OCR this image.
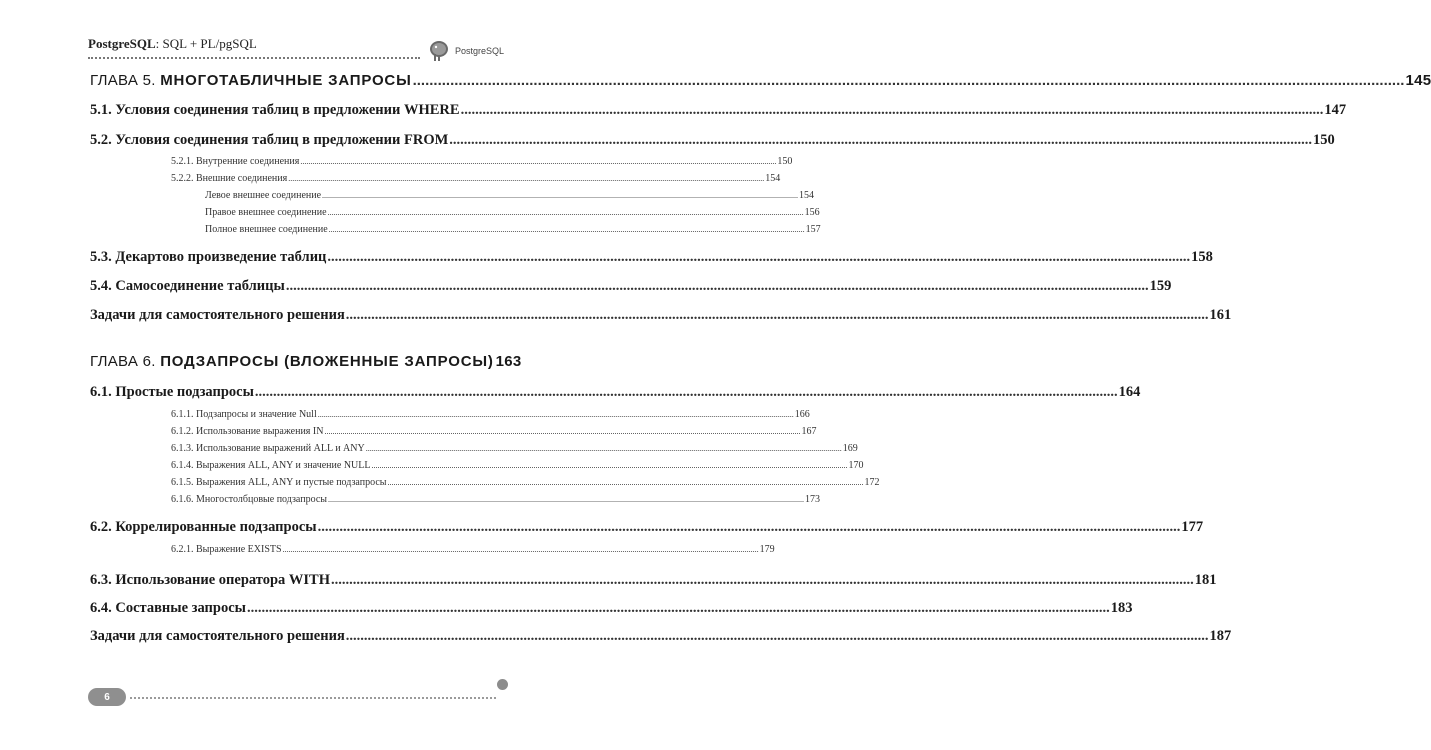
PostgreSQL: SQL + PL/pgSQL	PostgreSQL
ГЛАВА 5. МНОГОТАБЛИЧНЫЕ ЗАПРОСЫ .....	145
5.1. Условия соединения таблиц в предложении WHERE .....	147
5.2. Условия соединения таблиц в предложении FROM .....	150
5.2.1. Внутренние соединения .....	150
5.2.2. Внешние соединения .....	154
Левое внешнее соединение .....	154
Правое внешнее соединение .....	156
Полное внешнее соединение .....	157
5.3. Декартово произведение таблиц .....	158
5.4. Самосоединение таблицы .....	159
Задачи для самостоятельного решения .....	161
ГЛАВА 6. ПОДЗАПРОСЫ (ВЛОЖЕННЫЕ ЗАПРОСЫ) 163
6.1. Простые подзапросы .....	164
6.1.1. Подзапросы и значение Null .....	166
6.1.2. Использование выражения IN .....	167
6.1.3. Использование выражений ALL и ANY .....	169
6.1.4. Выражения ALL, ANY и значение NULL .....	170
6.1.5. Выражения ALL, ANY и пустые подзапросы .....	172
6.1.6. Многостолбцовые подзапросы .....	173
6.2. Коррелированные подзапросы .....	177
6.2.1. Выражение EXISTS .....	179
6.3. Использование оператора WITH .....	181
6.4. Составные запросы .....	183
Задачи для самостоятельного решения .....	187
6
